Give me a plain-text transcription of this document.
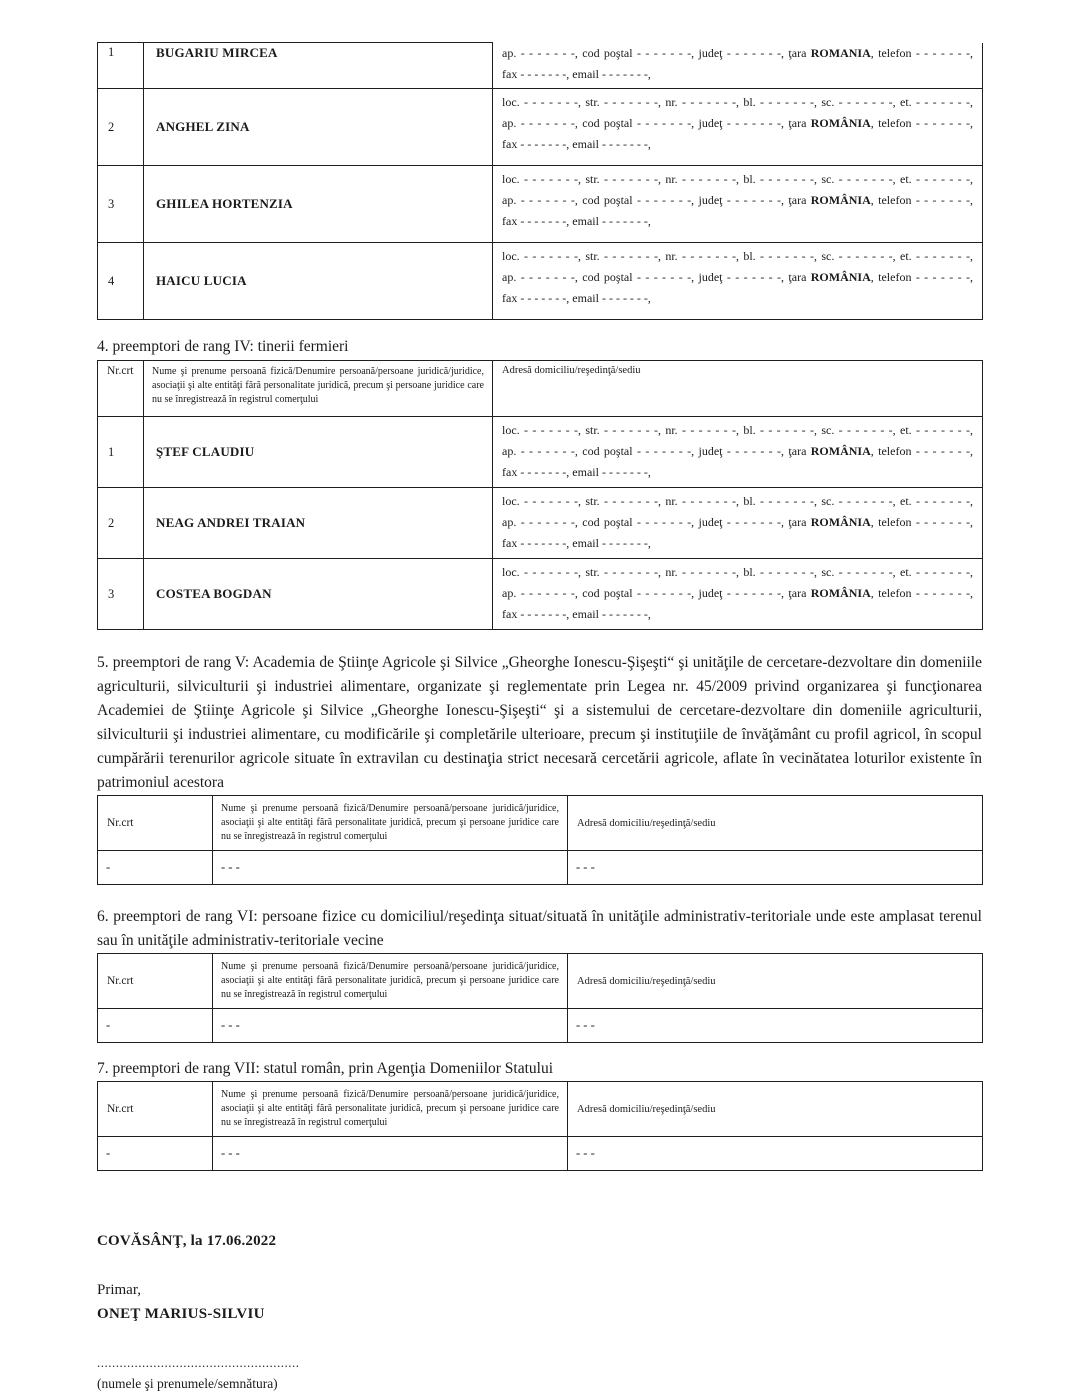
1	BUGARIU MIRCEA	ap. - - - - - - -, cod poştal - - - - - - -, judeţ - - - - - - -, ţara ROMANIA, telefon - - - - - - -,
fax - - - - - - -, email - - - - - - -,

2	ANGHEL ZINA	loc. - - - - - - -, str. - - - - - - -, nr. - - - - - - -, bl. - - - - - - -, sc. - - - - - - -, et. - - - - - - -,
ap. - - - - - - -, cod poştal - - - - - - -, judeţ - - - - - - -, ţara ROMÂNIA, telefon - - - - - - -,
fax - - - - - - -, email - - - - - - -,

3	GHILEA HORTENZIA	loc. - - - - - - -, str. - - - - - - -, nr. - - - - - - -, bl. - - - - - - -, sc. - - - - - - -, et. - - - - - - -,
ap. - - - - - - -, cod poştal - - - - - - -, judeţ - - - - - - -, ţara ROMÂNIA, telefon - - - - - - -,
fax - - - - - - -, email - - - - - - -,

4	HAICU LUCIA	loc. - - - - - - -, str. - - - - - - -, nr. - - - - - - -, bl. - - - - - - -, sc. - - - - - - -, et. - - - - - - -,
ap. - - - - - - -, cod poştal - - - - - - -, judeţ - - - - - - -, ţara ROMÂNIA, telefon - - - - - - -,
fax - - - - - - -, email - - - - - - -,
4. preemptori de rang IV: tinerii fermieri
Nr.crt	Nume şi prenume persoană fizică/Denumire persoană/persoane juridică/juridice, asociaţii şi alte entităţi fără personalitate juridică, precum şi persoane juridice care nu se înregistrează în registrul comerţului	Adresă domiciliu/reşedinţă/sediu
1	ŞTEF CLAUDIU	loc. - - - - - - -, str. - - - - - - -, nr. - - - - - - -, bl. - - - - - - -, sc. - - - - - - -, et. - - - - - - -,
ap. - - - - - - -, cod poştal - - - - - - -, judeţ - - - - - - -, ţara ROMÂNIA, telefon - - - - - - -,
fax - - - - - - -, email - - - - - - -,

2	NEAG ANDREI TRAIAN	loc. - - - - - - -, str. - - - - - - -, nr. - - - - - - -, bl. - - - - - - -, sc. - - - - - - -, et. - - - - - - -,
ap. - - - - - - -, cod poştal - - - - - - -, judeţ - - - - - - -, ţara ROMÂNIA, telefon - - - - - - -,
fax - - - - - - -, email - - - - - - -,

3	COSTEA BOGDAN	loc. - - - - - - -, str. - - - - - - -, nr. - - - - - - -, bl. - - - - - - -, sc. - - - - - - -, et. - - - - - - -,
ap. - - - - - - -, cod poştal - - - - - - -, judeţ - - - - - - -, ţara ROMÂNIA, telefon - - - - - - -,
fax - - - - - - -, email - - - - - - -,

5. preemptori de rang V: Academia de Ştiinţe Agricole şi Silvice „Gheorghe Ionescu-Şişeşti“ şi unităţile de cercetare-dezvoltare din domeniile agriculturii, silviculturii şi industriei alimentare, organizate şi reglementate prin Legea nr. 45/2009 privind organizarea şi funcţionarea Academiei de Ştiinţe Agricole şi Silvice „Gheorghe Ionescu-Şişeşti“ şi a sistemului de cercetare-dezvoltare din domeniile agriculturii, silviculturii şi industriei alimentare, cu modificările şi completările ulterioare, precum şi instituţiile de învăţământ cu profil agricol, în scopul cumpărării terenurilor agricole situate în extravilan cu destinaţia strict necesară cercetării agricole, aflate în vecinătatea loturilor existente în patrimoniul acestora

Nr.crt	Nume şi prenume persoană fizică/Denumire persoană/persoane juridică/juridice, asociaţii şi alte entităţi fără personalitate juridică, precum şi persoane juridice care nu se înregistrează în registrul comerţului	Adresă domiciliu/reşedinţă/sediu
-	- - -	- - -

6. preemptori de rang VI: persoane fizice cu domiciliul/reşedinţa situat/situată în unităţile administrativ-teritoriale unde este amplasat terenul sau în unităţile administrativ-teritoriale vecine

Nr.crt	Nume şi prenume persoană fizică/Denumire persoană/persoane juridică/juridice, asociaţii şi alte entităţi fără personalitate juridică, precum şi persoane juridice care nu se înregistrează în registrul comerţului	Adresă domiciliu/reşedinţă/sediu
-	- - -	- - -
7. preemptori de rang VII: statul român, prin Agenţia Domeniilor Statului
Nr.crt	Nume şi prenume persoană fizică/Denumire persoană/persoane juridică/juridice, asociaţii şi alte entităţi fără personalitate juridică, precum şi persoane juridice care nu se înregistrează în registrul comerţului	Adresă domiciliu/reşedinţă/sediu
-	- - -	- - -
COVĂSÂNŢ, la 17.06.2022
Primar,
ONEŢ MARIUS-SILVIU
......................................................
(numele şi prenumele/semnătura)
